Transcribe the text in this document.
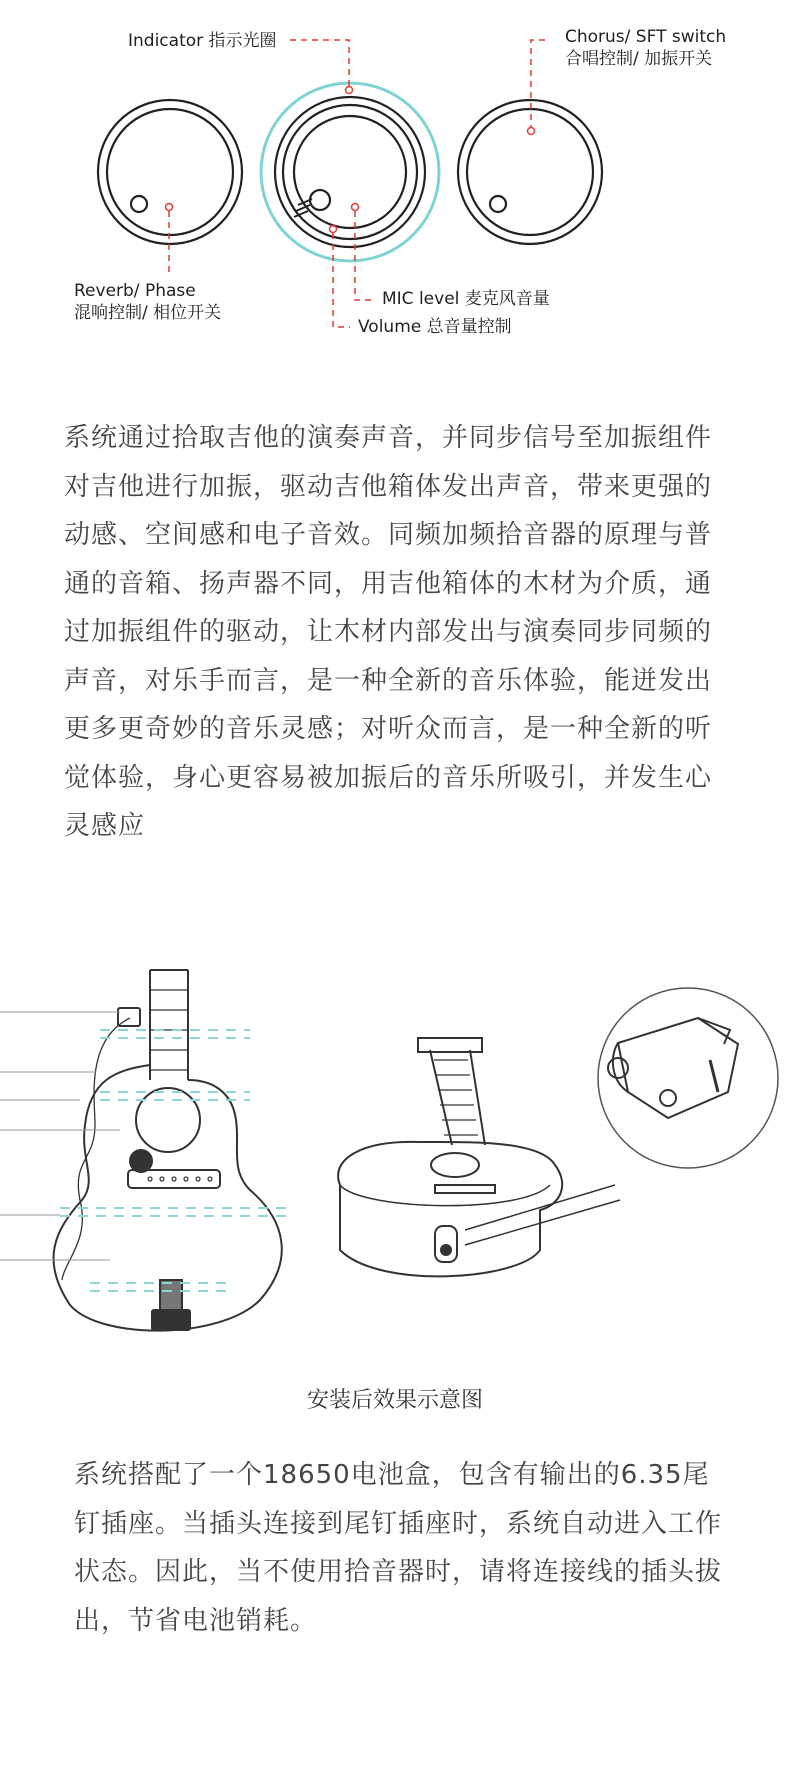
Indicator 指示光圈	Chorus/ SFT switch
合唱控制/ 加振开关
Reverb/ Phase
混响控制/ 相位开关
MIC level 麦克风音量
Volume 总音量控制
系统通过拾取吉他的演奏声音，并同步信号至加振组件对吉他进行加振，驱动吉他箱体发出声音，带来更强的动感、空间感和电子音效。同频加频拾音器的原理与普通的音箱、扬声器不同，用吉他箱体的木材为介质，通过加振组件的驱动，让木材内部发出与演奏同步同频的声音，对乐手而言，是一种全新的音乐体验，能迸发出更多更奇妙的音乐灵感；对听众而言，是一种全新的听觉体验，身心更容易被加振后的音乐所吸引，并发生心灵感应
安装后效果示意图
系统搭配了一个18650电池盒，包含有输出的6.35尾钉插座。当插头连接到尾钉插座时，系统自动进入工作状态。因此，当不使用拾音器时，请将连接线的插头拔出，节省电池销耗。
